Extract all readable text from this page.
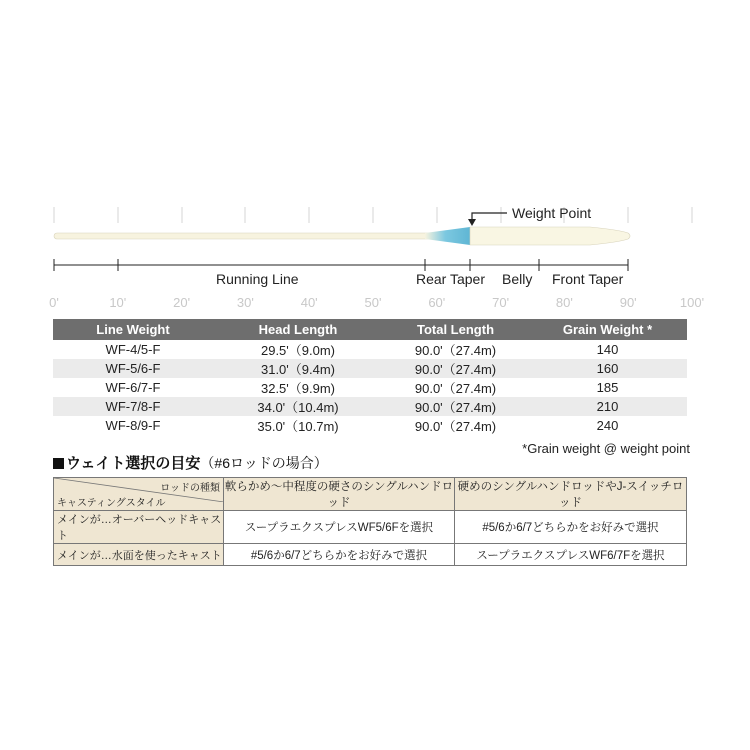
Weight Point
Running Line	Rear Taper Belly Front Taper
0'	10'	20'	30'	40'	50'	60'	70'	80'	90'	100'
Line Weight	Head Length	Total Length	Grain Weight *
WF-4/5-F	29.5'（9.0m)	90.0'（27.4m)	140
WF-5/6-F	31.0'（9.4m)	90.0'（27.4m)	160
WF-6/7-F	32.5'（9.9m)	90.0'（27.4m)	185
WF-7/8-F	34.0'（10.4m)	90.0'（27.4m)	210
WF-8/9-F	35.0'（10.7m)	90.0'（27.4m)	240
*Grain weight @ weight point
ウェイト選択の目安（#6ロッドの場合）
ロッドの種類
キャスティングスタイル	軟らかめ〜中程度の硬さのシングルハンドロッド	硬めのシングルハンドロッドやJ-スイッチロッド
メインが…オーバーヘッドキャスト	スープラエクスプレスWF5/6Fを選択	#5/6か6/7どちらかをお好みで選択
メインが…水面を使ったキャスト	#5/6か6/7どちらかをお好みで選択	スープラエクスプレスWF6/7Fを選択
